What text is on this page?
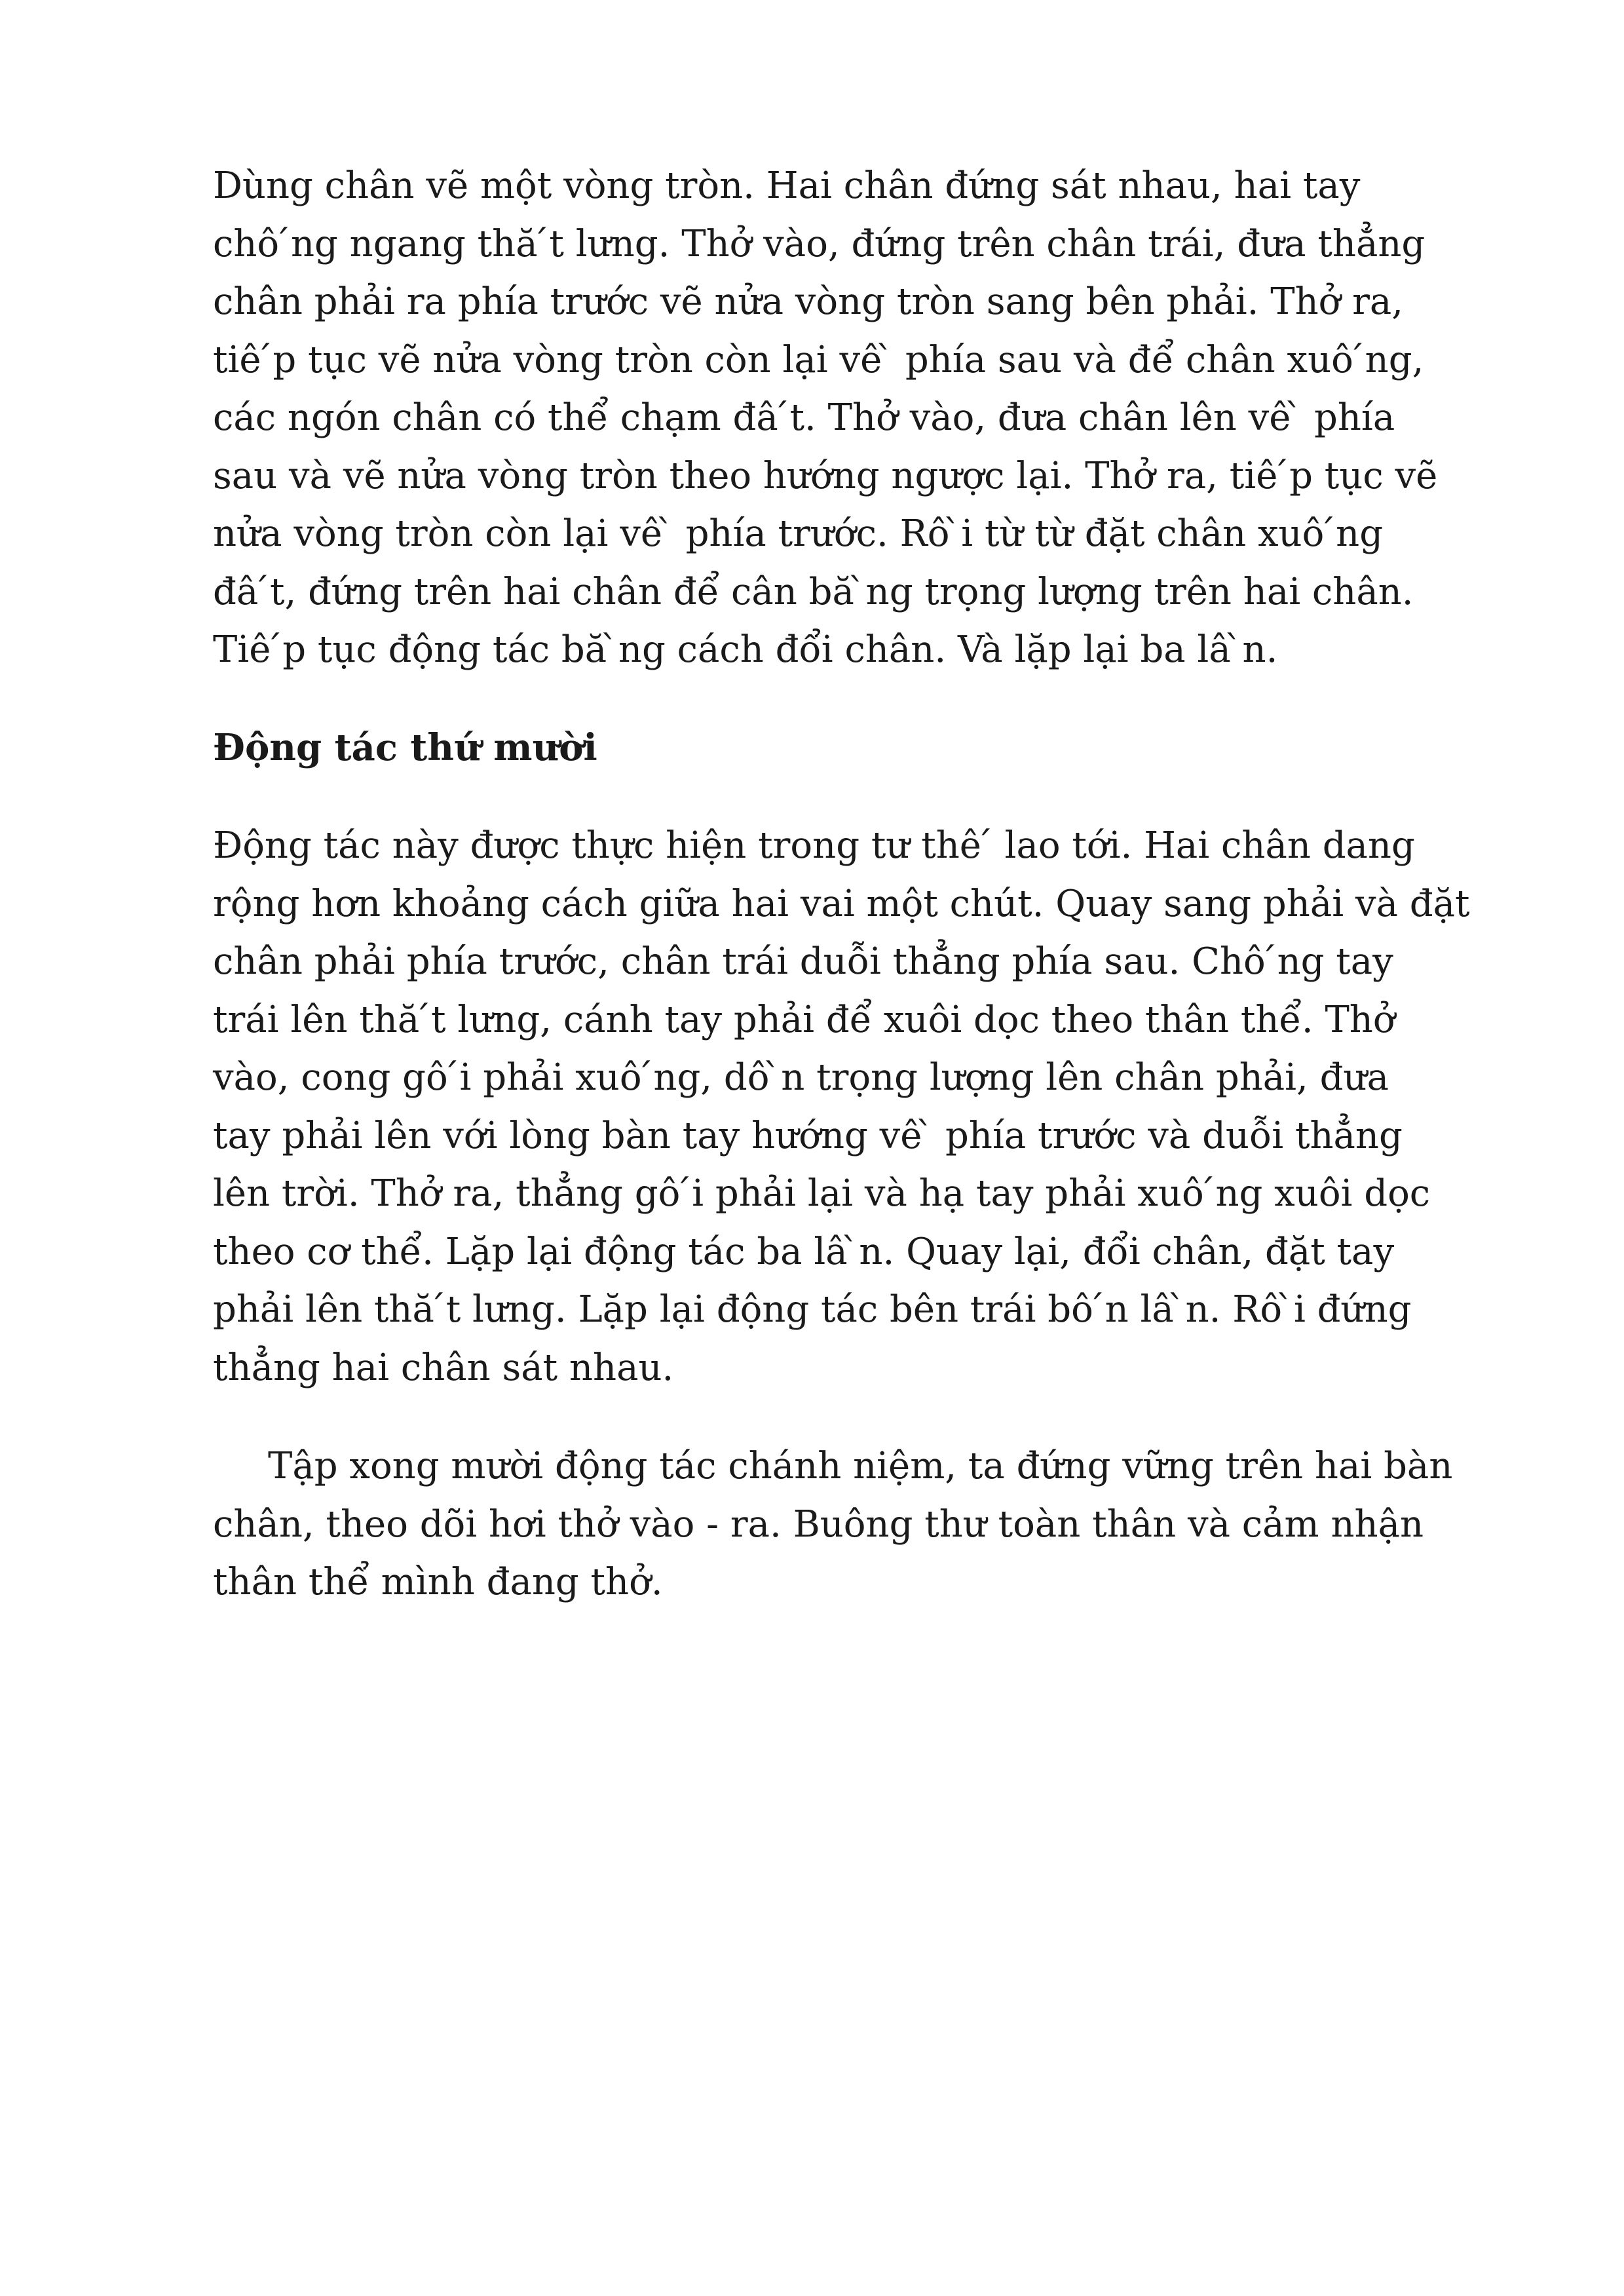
Dùng chân vẽ một vòng tròn. Hai chân đứng sát nhau, hai tay
chô ́ng ngang thă ́t lưng. Thở vào, đứng trên chân trái, đưa thẳng
chân phải ra phía trước vẽ nửa vòng tròn sang bên phải. Thở ra,
tiê ́p tục vẽ nửa vòng tròn còn lại vê ̀ phía sau và để chân xuô ́ng,
các ngón chân có thể chạm đâ ́t. Thở vào, đưa chân lên vê ̀ phía
sau và vẽ nửa vòng tròn theo hướng ngược lại. Thở ra, tiê ́p tục vẽ
nửa vòng tròn còn lại vê ̀ phía trước. Rô ̀i từ từ đặt chân xuô ́ng
đâ ́t, đứng trên hai chân để cân bă ̀ng trọng lượng trên hai chân.
Tiê ́p tục động tác bă ̀ng cách đổi chân. Và lặp lại ba lâ ̀n.

Động tác thứ mười

Động tác này được thực hiện trong tư thê ́ lao tới. Hai chân dang
rộng hơn khoảng cách giữa hai vai một chút. Quay sang phải và đặt
chân phải phía trước, chân trái duỗi thẳng phía sau. Chô ́ng tay
trái lên thă ́t lưng, cánh tay phải để xuôi dọc theo thân thể. Thở
vào, cong gô ́i phải xuô ́ng, dô ̀n trọng lượng lên chân phải, đưa
tay phải lên với lòng bàn tay hướng vê ̀ phía trước và duỗi thẳng
lên trời. Thở ra, thẳng gô ́i phải lại và hạ tay phải xuô ́ng xuôi dọc
theo cơ thể. Lặp lại động tác ba lâ ̀n. Quay lại, đổi chân, đặt tay
phải lên thă ́t lưng. Lặp lại động tác bên trái bô ́n lâ ̀n. Rô ̀i đứng
thẳng hai chân sát nhau.

Tập xong mười động tác chánh niệm, ta đứng vững trên hai bàn
chân, theo dõi hơi thở vào - ra. Buông thư toàn thân và cảm nhận
thân thể mình đang thở.
